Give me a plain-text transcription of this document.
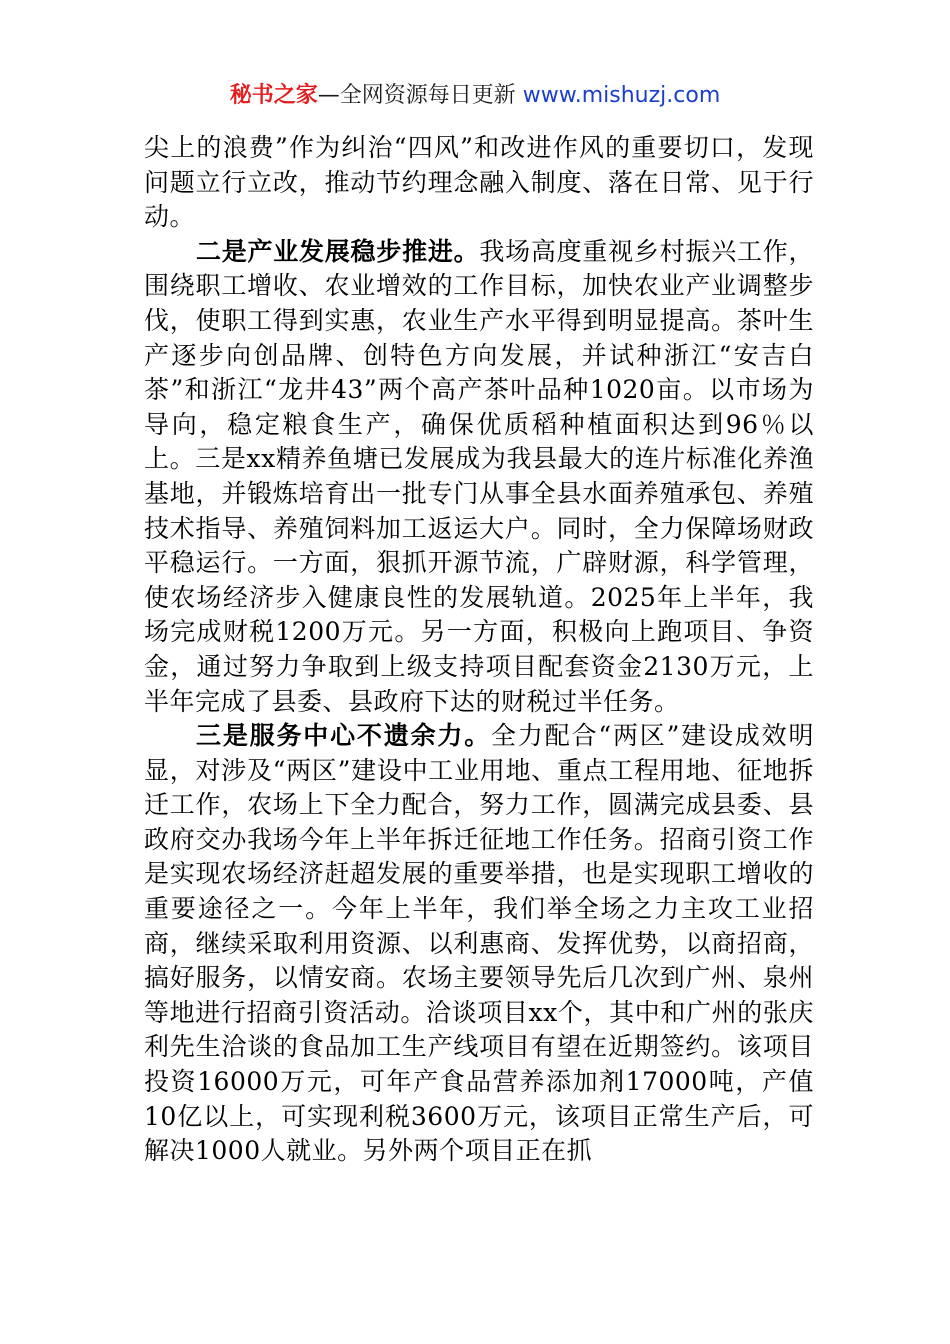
秘书之家—全网资源每日更新 www.mishuzj.com

尖上的浪费”作为纠治“四风”和改进作风的重要切口，发现问题立行立改，推动节约理念融入制度、落在日常、见于行动。

二是产业发展稳步推进。我场高度重视乡村振兴工作，围绕职工增收、农业增效的工作目标，加快农业产业调整步伐，使职工得到实惠，农业生产水平得到明显提高。茶叶生产逐步向创品牌、创特色方向发展，并试种浙江“安吉白茶”和浙江“龙井43”两个高产茶叶品种1020亩。以市场为导向，稳定粮食生产，确保优质稻种植面积达到96％以上。三是xx精养鱼塘已发展成为我县最大的连片标准化养渔基地，并锻炼培育出一批专门从事全县水面养殖承包、养殖技术指导、养殖饲料加工返运大户。同时，全力保障场财政平稳运行。一方面，狠抓开源节流，广辟财源，科学管理，使农场经济步入健康良性的发展轨道。2025年上半年，我场完成财税1200万元。另一方面，积极向上跑项目、争资金，通过努力争取到上级支持项目配套资金2130万元，上半年完成了县委、县政府下达的财税过半任务。

三是服务中心不遗余力。全力配合“两区”建设成效明显，对涉及“两区”建设中工业用地、重点工程用地、征地拆迁工作，农场上下全力配合，努力工作，圆满完成县委、县政府交办我场今年上半年拆迁征地工作任务。招商引资工作是实现农场经济赶超发展的重要举措，也是实现职工增收的重要途径之一。今年上半年，我们举全场之力主攻工业招商，继续采取利用资源、以利惠商、发挥优势，以商招商，搞好服务，以情安商。农场主要领导先后几次到广州、泉州等地进行招商引资活动。洽谈项目xx个，其中和广州的张庆利先生洽谈的食品加工生产线项目有望在近期签约。该项目投资16000万元，可年产食品营养添加剂17000吨，产值10亿以上，可实现利税3600万元，该项目正常生产后，可解决1000人就业。另外两个项目正在抓
